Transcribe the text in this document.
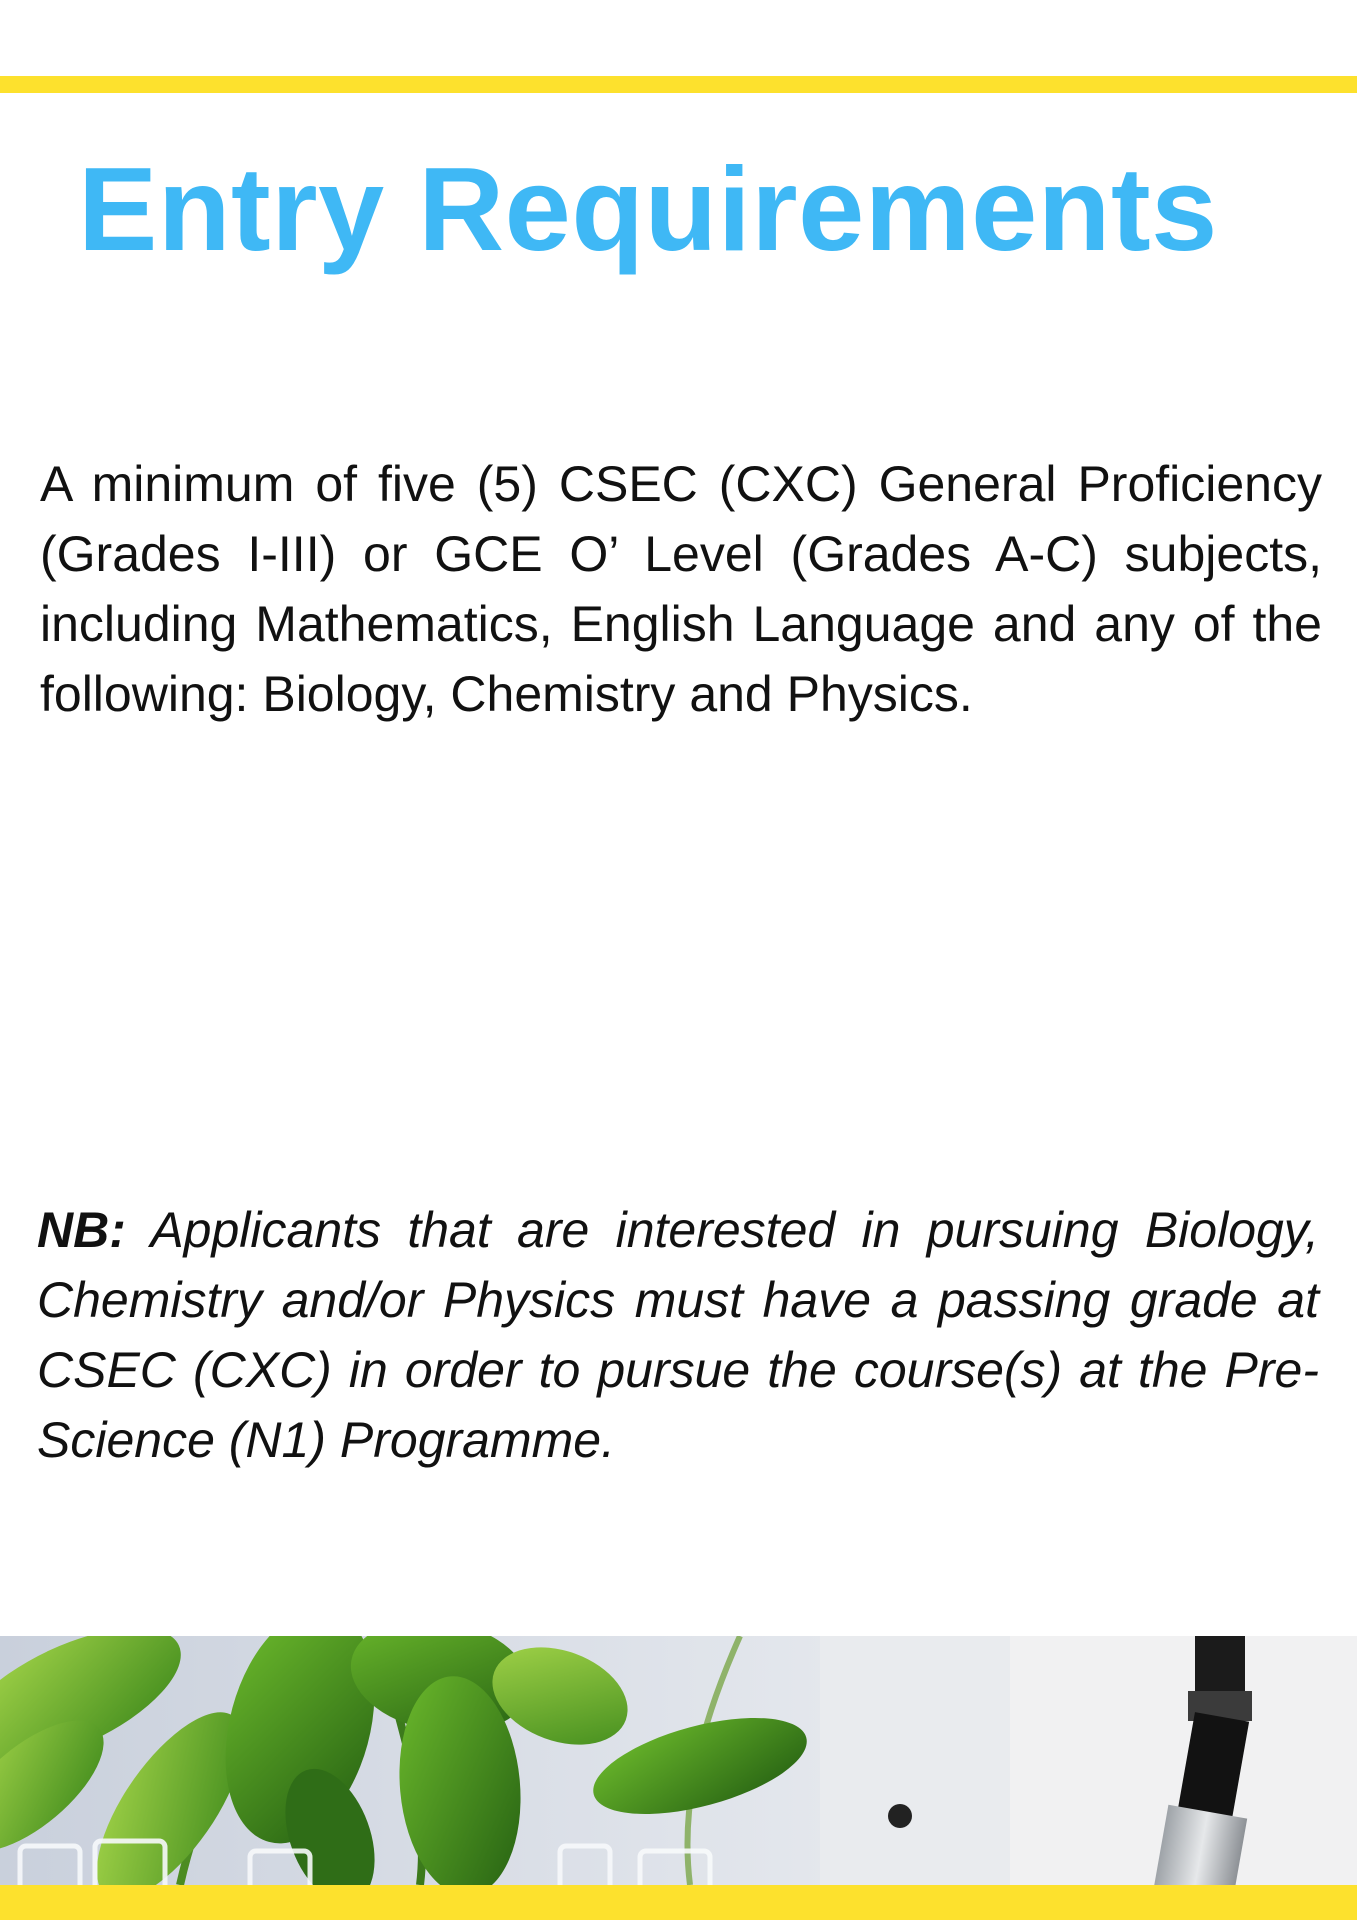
Entry Requirements

A minimum of five (5) CSEC (CXC) General Proficiency (Grades I-III) or GCE O’ Level (Grades A-C) subjects, including Mathematics, English Language and any of the following: Biology, Chemistry and Physics.

NB: Applicants that are interested in pursuing Biology, Chemistry and/or Physics must have a passing grade at CSEC (CXC) in order to pursue the course(s) at the Pre-Science (N1) Programme.
